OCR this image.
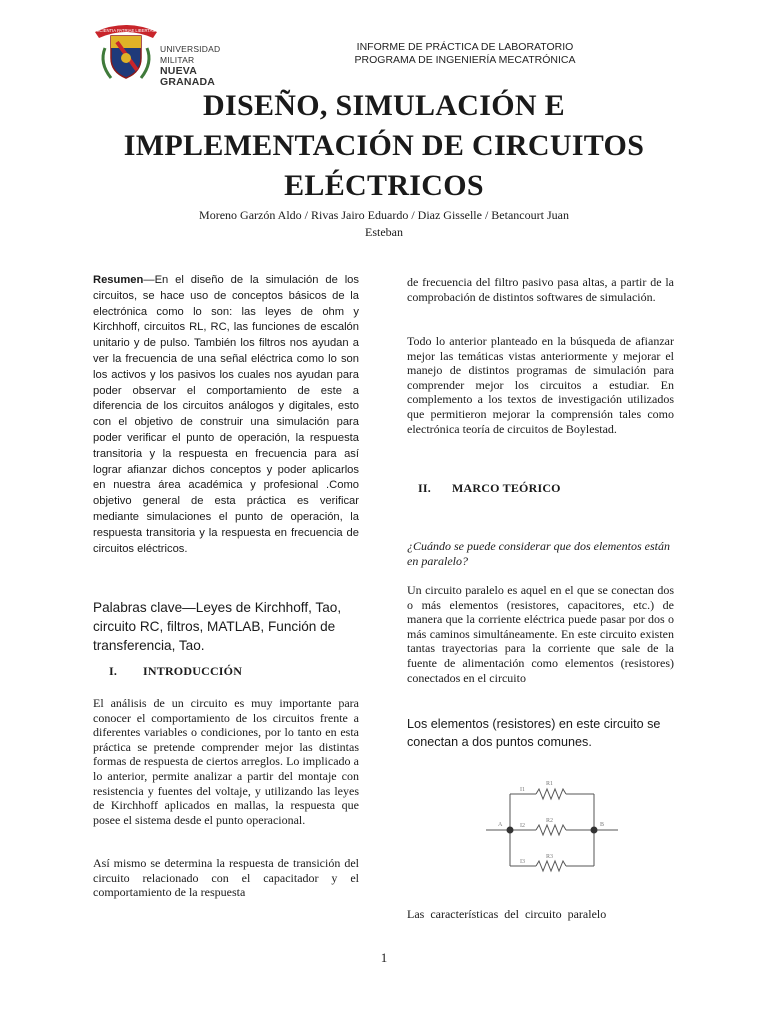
SCIENTIA PATRIAE LIBERTAS
UNIVERSIDAD MILITAR
NUEVA GRANADA
INFORME DE PRÁCTICA DE LABORATORIO
PROGRAMA DE INGENIERÍA MECATRÓNICA
DISEÑO, SIMULACIÓN E
IMPLEMENTACIÓN DE CIRCUITOS
ELÉCTRICOS
Moreno Garzón Aldo / Rivas Jairo Eduardo / Diaz Gisselle / Betancourt Juan
Esteban
Resumen—En el diseño de la simulación de los circuitos, se hace uso de conceptos básicos de la electrónica como lo son: las leyes de ohm y Kirchhoff, circuitos RL, RC, las funciones de escalón unitario y de pulso. También los filtros nos ayudan a ver la frecuencia de una señal eléctrica como lo son los activos y los pasivos los cuales nos ayudan para poder observar el comportamiento de este a diferencia de los circuitos análogos y digitales, esto con el objetivo de construir una simulación para poder verificar el punto de operación, la respuesta transitoria y la respuesta en frecuencia para así lograr afianzar dichos conceptos y poder aplicarlos en nuestra área académica y profesional .Como objetivo general de esta práctica es verificar mediante simulaciones el punto de operación, la respuesta transitoria y la respuesta en frecuencia de circuitos eléctricos.
Palabras clave—Leyes de Kirchhoff, Tao, circuito RC, filtros, MATLAB, Función de transferencia, Tao.
I. INTRODUCCIÓN
El análisis de un circuito es muy importante para conocer el comportamiento de los circuitos frente a diferentes variables o condiciones, por lo tanto en esta práctica se pretende comprender mejor las distintas formas de respuesta de ciertos arreglos. Lo implicado a lo anterior, permite analizar a partir del montaje con resistencia y fuentes del voltaje, y utilizando las leyes de Kirchhoff aplicados en mallas, la respuesta que posee el sistema desde el punto operacional.
Así mismo se determina la respuesta de transición del circuito relacionado con el capacitador y el comportamiento de la respuesta
de frecuencia del filtro pasivo pasa altas, a partir de la comprobación de distintos softwares de simulación.
Todo lo anterior planteado en la búsqueda de afianzar mejor las temáticas vistas anteriormente y mejorar el manejo de distintos programas de simulación para comprender mejor los circuitos a estudiar. En complemento a los textos de investigación utilizados que permitieron mejorar la comprensión tales como electrónica teoría de circuitos de Boylestad.
II. MARCO TEÓRICO
¿Cuándo se puede considerar que dos elementos están en paralelo?
Un circuito paralelo es aquel en el que se conectan dos o más elementos (resistores, capacitores, etc.) de manera que la corriente eléctrica puede pasar por dos o más caminos simultáneamente. En este circuito existen tantas trayectorias para la corriente que sale de la fuente de alimentación como elementos (resistores) conectados en el circuito
Los elementos (resistores) en este circuito se conectan a dos puntos comunes.
A	B
R1
R2
R3
I1
I2
I3
Las características del circuito paralelo
1
